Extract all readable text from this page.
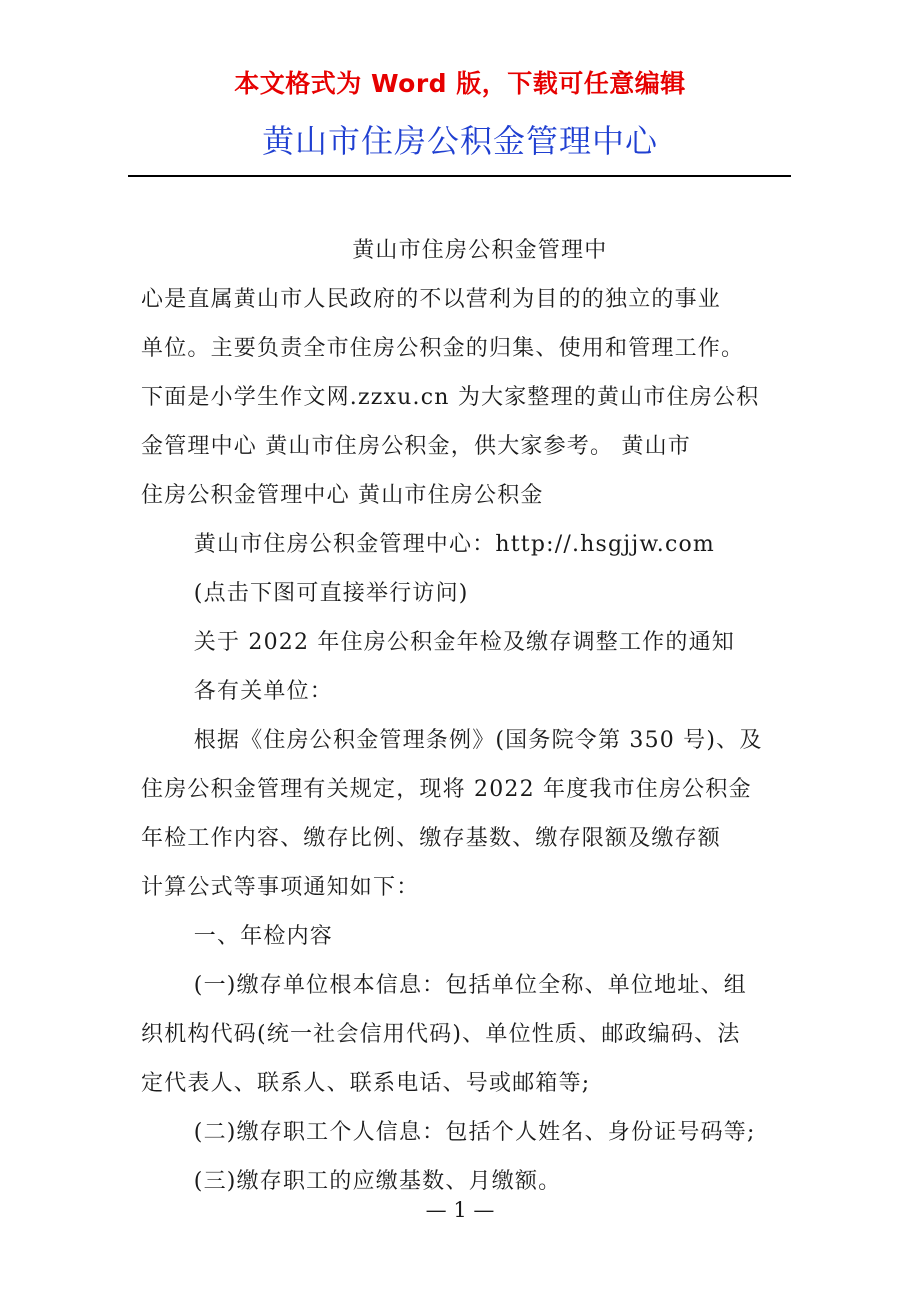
本文格式为 Word 版，下载可任意编辑
黄山市住房公积金管理中心
黄山市住房公积金管理中
心是直属黄山市人民政府的不以营利为目的的独立的事业
单位。主要负责全市住房公积金的归集、使用和管理工作。
下面是小学生作文网.zzxu.cn 为大家整理的黄山市住房公积
金管理中心 黄山市住房公积金，供大家参考。 黄山市
住房公积金管理中心 黄山市住房公积金
黄山市住房公积金管理中心：http://.hsgjjw.com
(点击下图可直接举行访问)
关于 2022 年住房公积金年检及缴存调整工作的通知
各有关单位：
根据《住房公积金管理条例》(国务院令第 350 号)、及
住房公积金管理有关规定，现将 2022 年度我市住房公积金
年检工作内容、缴存比例、缴存基数、缴存限额及缴存额
计算公式等事项通知如下：
一、年检内容
(一)缴存单位根本信息：包括单位全称、单位地址、组
织机构代码(统一社会信用代码)、单位性质、邮政编码、法
定代表人、联系人、联系电话、号或邮箱等;
(二)缴存职工个人信息：包括个人姓名、身份证号码等;
(三)缴存职工的应缴基数、月缴额。
— 1 —
